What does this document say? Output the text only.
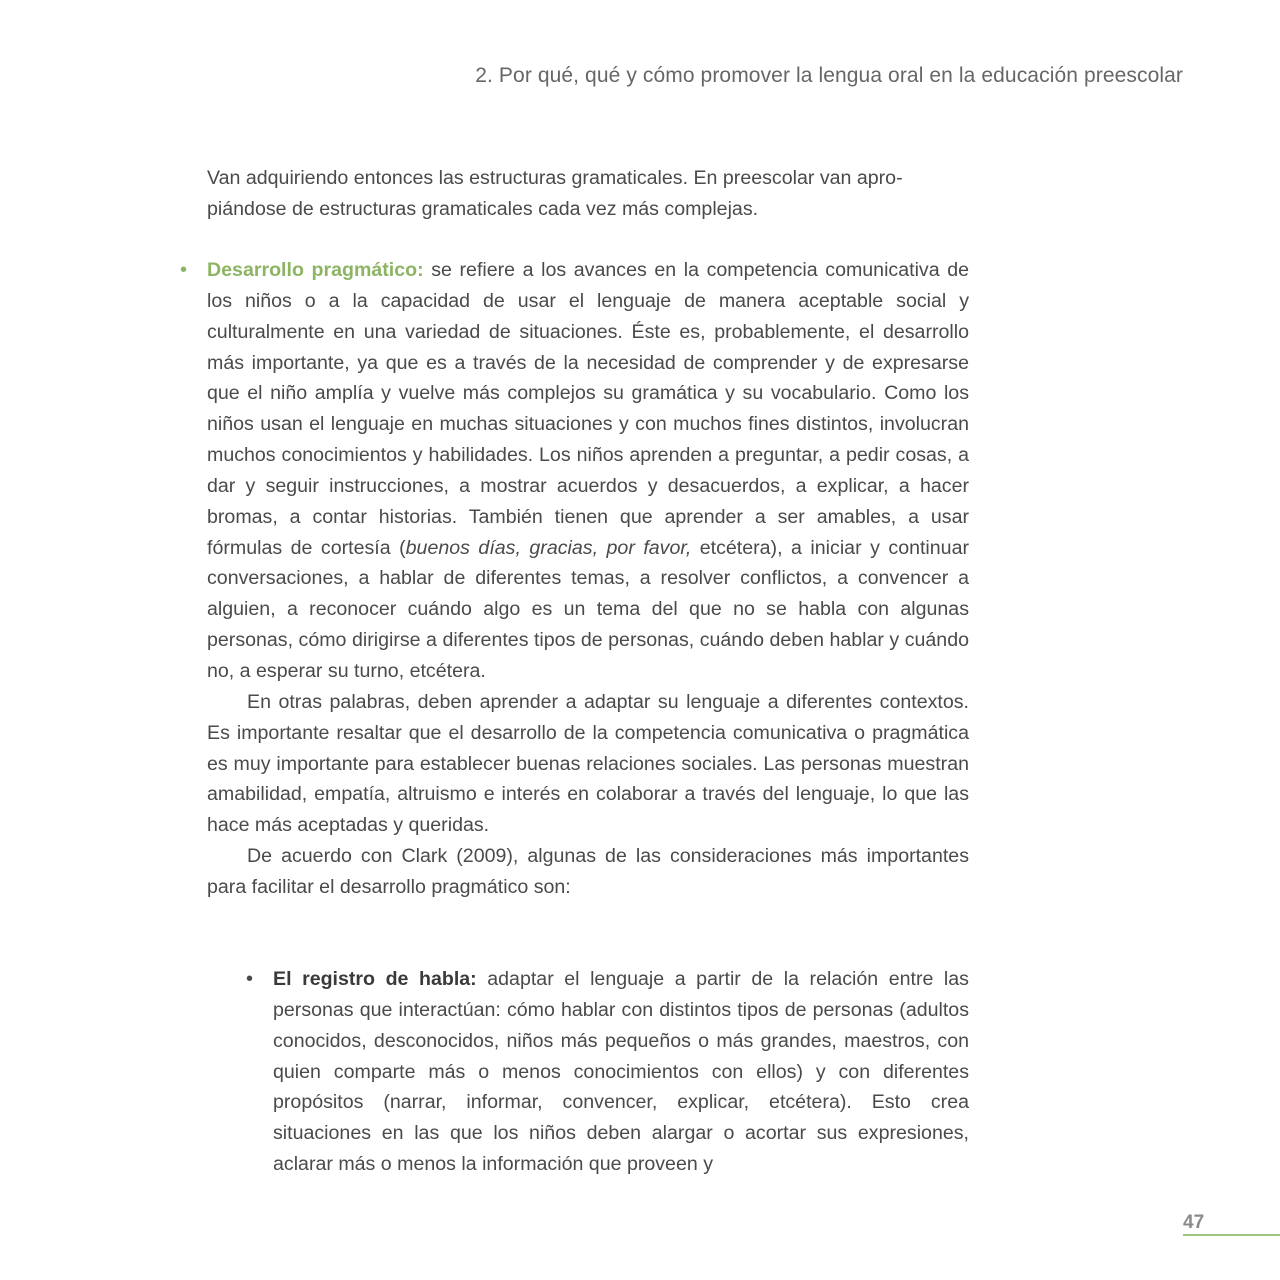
2. Por qué, qué y cómo promover la lengua oral en la educación preescolar
Van adquiriendo entonces las estructuras gramaticales. En preescolar van apro-
piándose de estructuras gramaticales cada vez más complejas.
• Desarrollo pragmático: se refiere a los avances en la competencia comunicativa de los niños o a la capacidad de usar el lenguaje de manera aceptable social y culturalmente en una variedad de situaciones. Éste es, probablemente, el desarrollo más importante, ya que es a través de la necesidad de comprender y de expresarse que el niño amplía y vuelve más complejos su gramática y su vocabulario. Como los niños usan el lenguaje en muchas situaciones y con muchos fines distintos, involucran muchos conocimientos y habilidades. Los niños aprenden a preguntar, a pedir cosas, a dar y seguir instrucciones, a mostrar acuerdos y desacuerdos, a explicar, a hacer bromas, a contar historias. También tienen que aprender a ser amables, a usar fórmulas de cortesía (buenos días, gracias, por favor, etcétera), a iniciar y continuar conversaciones, a hablar de diferentes temas, a resolver conflictos, a convencer a alguien, a reconocer cuándo algo es un tema del que no se habla con algunas personas, cómo dirigirse a diferentes tipos de personas, cuándo deben hablar y cuándo no, a esperar su turno, etcétera.

En otras palabras, deben aprender a adaptar su lenguaje a diferentes contextos. Es importante resaltar que el desarrollo de la competencia comunicativa o pragmática es muy importante para establecer buenas relaciones sociales. Las personas muestran amabilidad, empatía, altruismo e interés en colaborar a través del lenguaje, lo que las hace más aceptadas y queridas.

De acuerdo con Clark (2009), algunas de las consideraciones más importantes para facilitar el desarrollo pragmático son:

• El registro de habla: adaptar el lenguaje a partir de la relación entre las personas que interactúan: cómo hablar con distintos tipos de personas (adultos conocidos, desconocidos, niños más pequeños o más grandes, maestros, con quien comparte más o menos conocimientos con ellos) y con diferentes propósitos (narrar, informar, convencer, explicar, etcétera). Esto crea situaciones en las que los niños deben alargar o acortar sus expresiones, aclarar más o menos la información que proveen y

47
